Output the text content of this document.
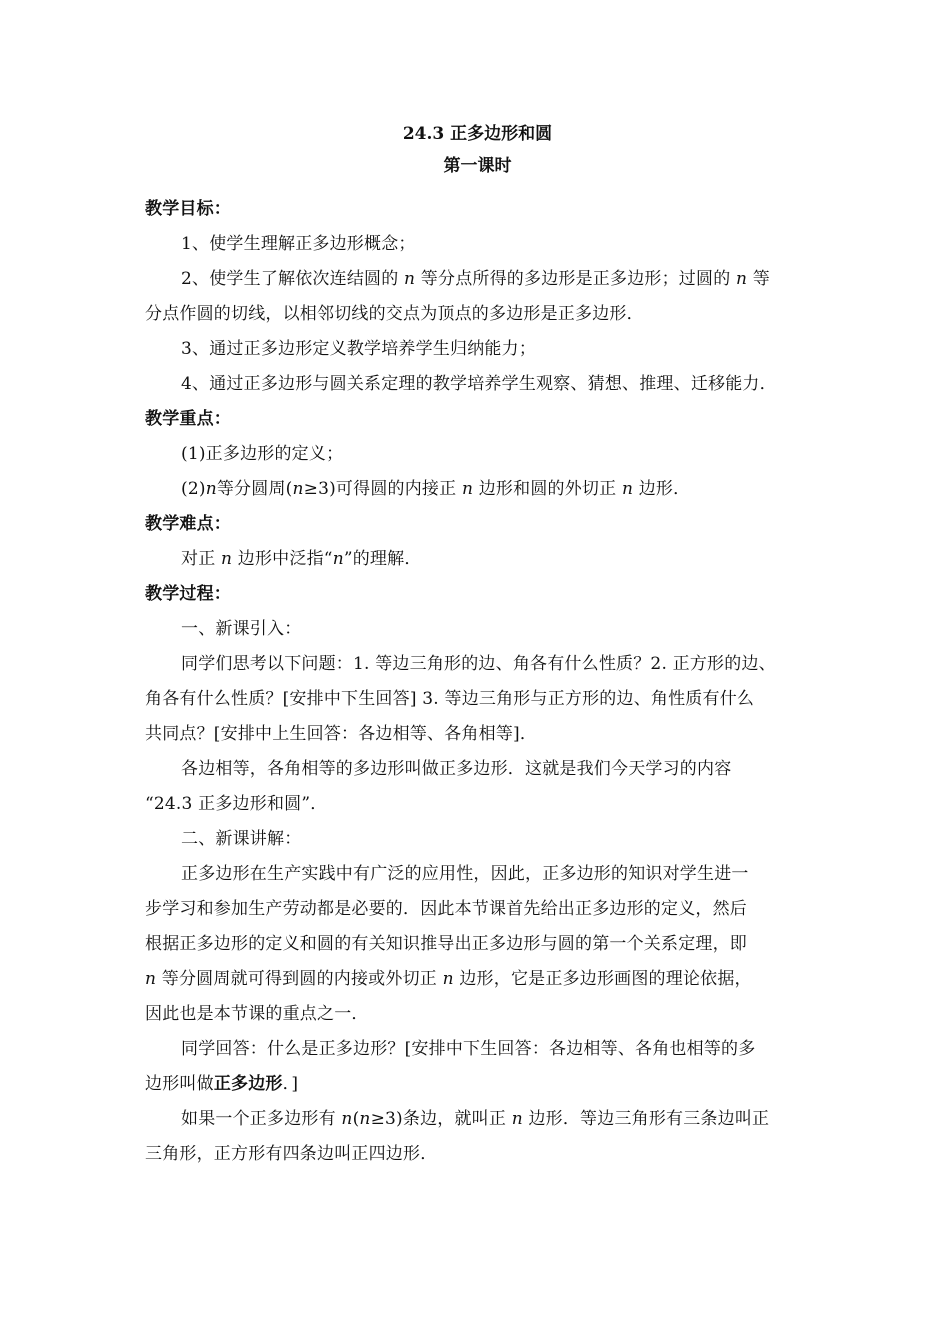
24.3 正多边形和圆

第一课时

教学目标：

1、使学生理解正多边形概念；

2、使学生了解依次连结圆的 n 等分点所得的多边形是正多边形；过圆的 n 等

分点作圆的切线，以相邻切线的交点为顶点的多边形是正多边形．

3、通过正多边形定义教学培养学生归纳能力；

4、通过正多边形与圆关系定理的教学培养学生观察、猜想、推理、迁移能力．

教学重点：

(1)正多边形的定义；

(2)n等分圆周(n≥3)可得圆的内接正 n 边形和圆的外切正 n 边形．

教学难点：

对正 n 边形中泛指“n”的理解．

教学过程：

一、新课引入：

同学们思考以下问题：1. 等边三角形的边、角各有什么性质？2. 正方形的边、

角各有什么性质？[安排中下生回答] 3. 等边三角形与正方形的边、角性质有什么

共同点？[安排中上生回答：各边相等、各角相等]．

各边相等，各角相等的多边形叫做正多边形．这就是我们今天学习的内容

“24.3 正多边形和圆”．

二、新课讲解：

正多边形在生产实践中有广泛的应用性，因此，正多边形的知识对学生进一

步学习和参加生产劳动都是必要的．因此本节课首先给出正多边形的定义，然后

根据正多边形的定义和圆的有关知识推导出正多边形与圆的第一个关系定理，即

n 等分圆周就可得到圆的内接或外切正 n 边形，它是正多边形画图的理论依据，

因此也是本节课的重点之一．

同学回答：什么是正多边形？[安排中下生回答：各边相等、各角也相等的多

边形叫做正多边形．]

如果一个正多边形有 n(n≥3)条边，就叫正 n 边形．等边三角形有三条边叫正

三角形，正方形有四条边叫正四边形．
